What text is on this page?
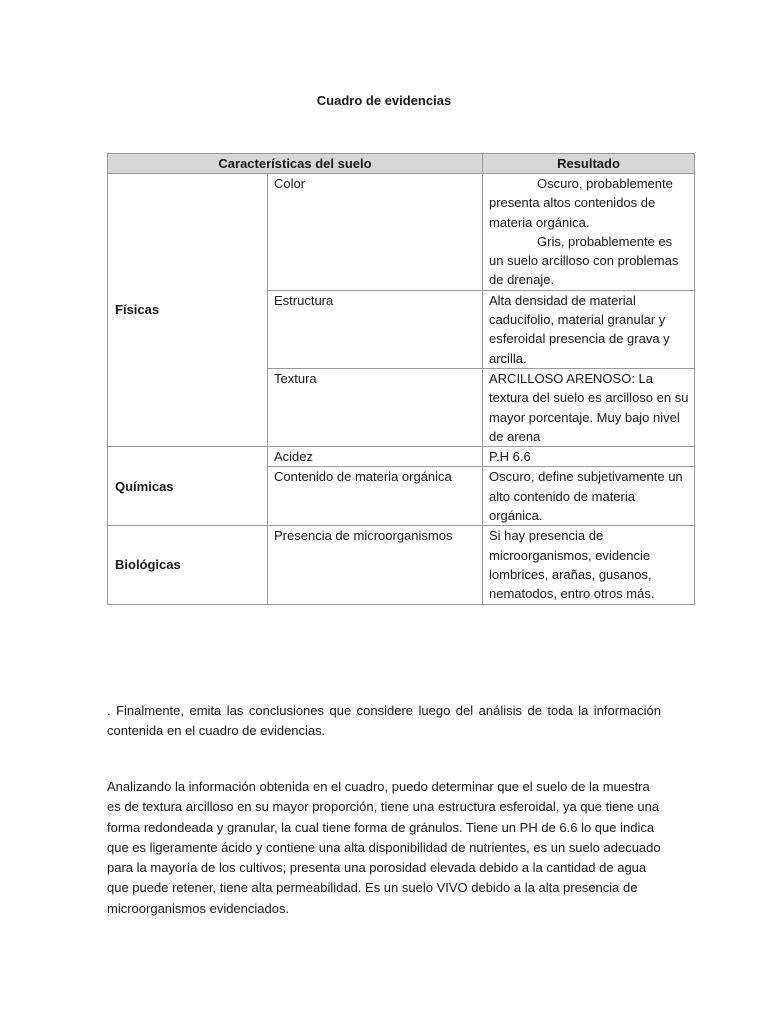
Cuadro de evidencias
Características del suelo		Resultado
Físicas	Color	Oscuro, probablemente presenta altos contenidos de materia orgánica.
Gris, probablemente es un suelo arcilloso con problemas de drenaje.

	Estructura	Alta densidad de material caducifolio, material granular y esferoidal presencia de grava y arcilla.
	Textura	ARCILLOSO ARENOSO: La textura del suelo es arcilloso en su mayor porcentaje. Muy bajo nivel de arena
Químicas	Acidez	P.H 6.6
	Contenido de materia orgánica	Oscuro, define subjetivamente un alto contenido de materia orgánica.
Biológicas	Presencia de microorganismos	Si hay presencia de microorganismos, evidencie lombrices, arañas, gusanos, nematodos, entro otros más.
. Finalmente, emita las conclusiones que considere luego del análisis de toda la información contenida en el cuadro de evidencias.
Analizando la información obtenida en el cuadro, puedo determinar que el suelo de la muestra es de textura arcilloso en su mayor proporción, tiene una estructura esferoidal, ya que tiene una forma redondeada y granular, la cual tiene forma de gránulos. Tiene un PH de 6.6 lo que indica que es ligeramente ácido y contiene una alta disponibilidad de nutrientes, es un suelo adecuado para la mayoría de los cultivos; presenta una porosidad elevada debido a la cantidad de agua que puede retener, tiene alta permeabilidad. Es un suelo VIVO debido a la alta presencia de microorganismos evidenciados.
